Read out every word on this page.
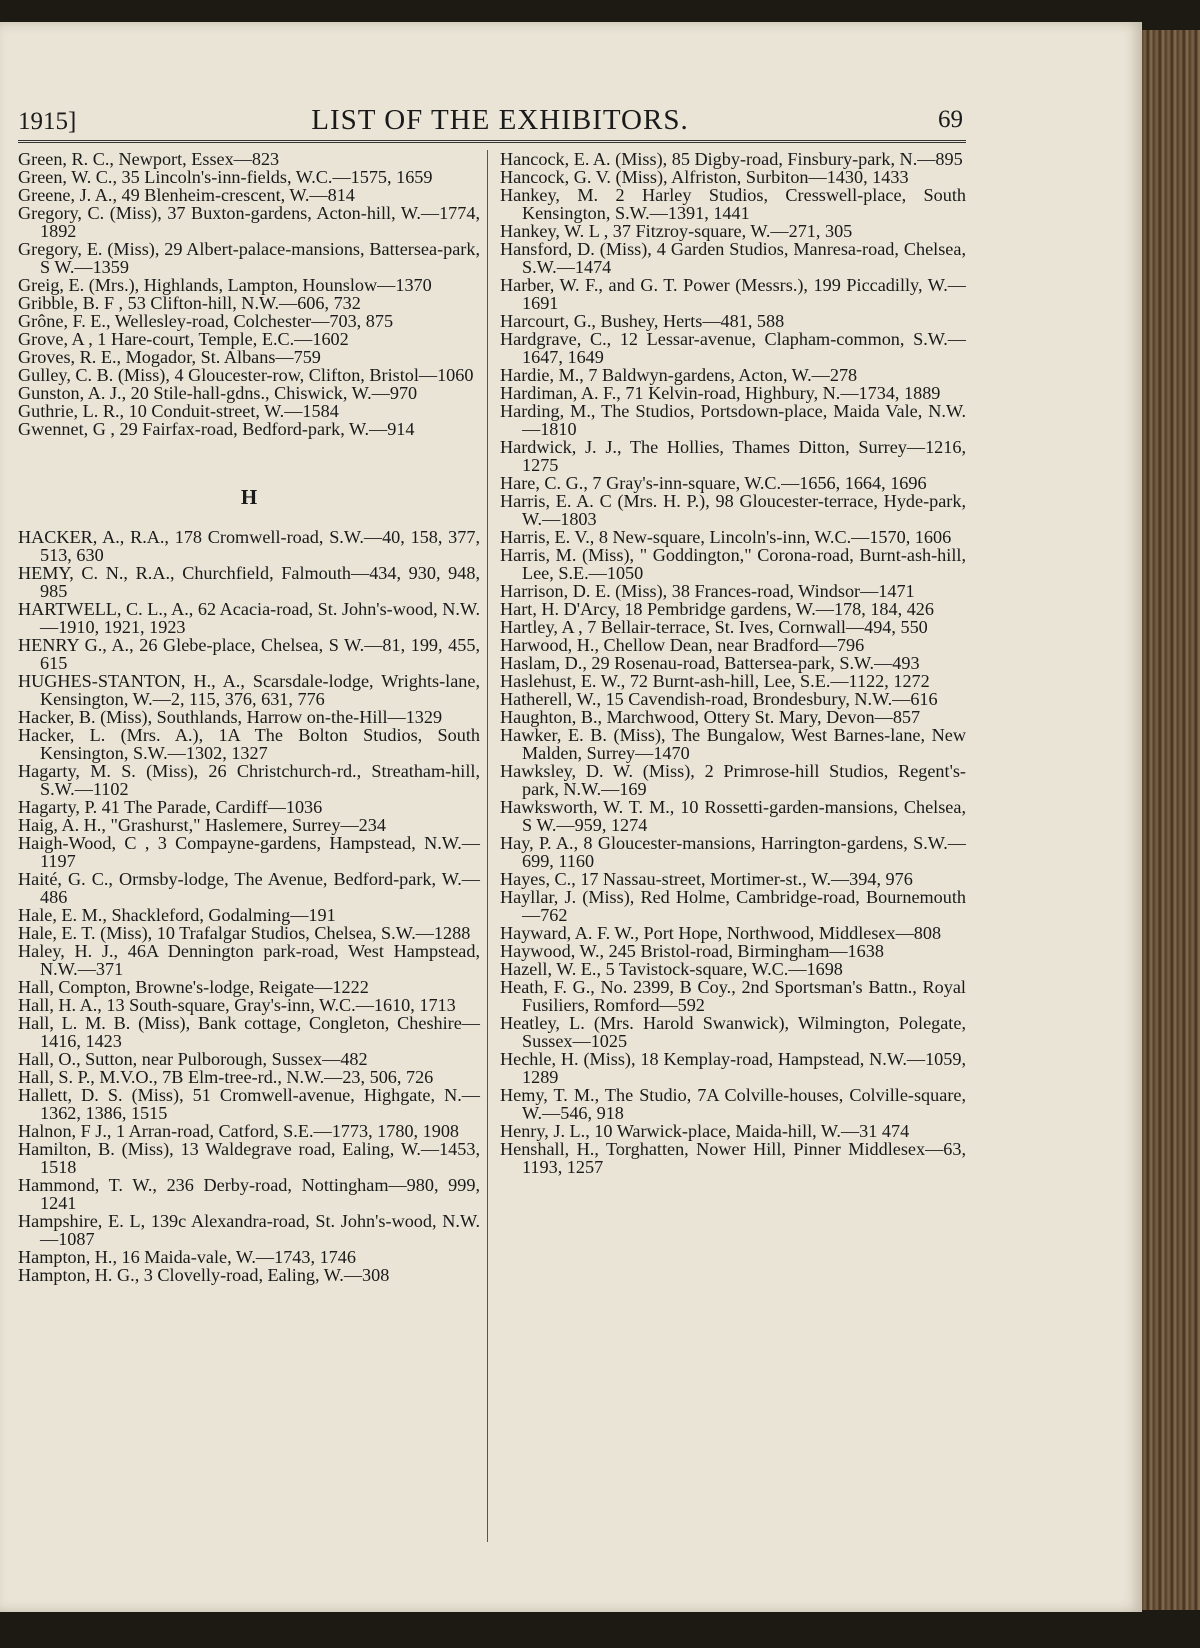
1915]	LIST OF THE EXHIBITORS.	69

Green, R. C., Newport, Essex—823

Green, W. C., 35 Lincoln's-inn-fields, W.C.—1575, 1659

Greene, J. A., 49 Blenheim-crescent, W.—814

Gregory, C. (Miss), 37 Buxton-gardens, Acton-hill, W.—1774, 1892

Gregory, E. (Miss), 29 Albert-palace-mansions, Battersea-park, S W.—1359

Greig, E. (Mrs.), Highlands, Lampton, Hounslow—1370

Gribble, B. F , 53 Clifton-hill, N.W.—606, 732

Grône, F. E., Wellesley-road, Colchester—703, 875

Grove, A , 1 Hare-court, Temple, E.C.—1602

Groves, R. E., Mogador, St. Albans—759

Gulley, C. B. (Miss), 4 Gloucester-row, Clifton, Bristol—1060

Gunston, A. J., 20 Stile-hall-gdns., Chiswick, W.—970

Guthrie, L. R., 10 Conduit-street, W.—1584

Gwennet, G , 29 Fairfax-road, Bedford-park, W.—914

H

HACKER, A., R.A., 178 Cromwell-road, S.W.—40, 158, 377, 513, 630

HEMY, C. N., R.A., Churchfield, Falmouth—434, 930, 948, 985

HARTWELL, C. L., A., 62 Acacia-road, St. John's-wood, N.W.—1910, 1921, 1923

HENRY G., A., 26 Glebe-place, Chelsea, S W.—81, 199, 455, 615

HUGHES-STANTON, H., A., Scarsdale-lodge, Wrights-lane, Kensington, W.—2, 115, 376, 631, 776

Hacker, B. (Miss), Southlands, Harrow on-the-Hill—1329

Hacker, L. (Mrs. A.), 1A The Bolton Studios, South Kensington, S.W.—1302, 1327

Hagarty, M. S. (Miss), 26 Christchurch-rd., Streatham-hill, S.W.—1102

Hagarty, P. 41 The Parade, Cardiff—1036

Haig, A. H., "Grashurst," Haslemere, Surrey—234

Haigh-Wood, C , 3 Compayne-gardens, Hampstead, N.W.—1197

Haité, G. C., Ormsby-lodge, The Avenue, Bedford-park, W.—486

Hale, E. M., Shackleford, Godalming—191

Hale, E. T. (Miss), 10 Trafalgar Studios, Chelsea, S.W.—1288

Haley, H. J., 46A Dennington park-road, West Hampstead, N.W.—371

Hall, Compton, Browne's-lodge, Reigate—1222

Hall, H. A., 13 South-square, Gray's-inn, W.C.—1610, 1713

Hall, L. M. B. (Miss), Bank cottage, Congleton, Cheshire—1416, 1423

Hall, O., Sutton, near Pulborough, Sussex—482

Hall, S. P., M.V.O., 7B Elm-tree-rd., N.W.—23, 506, 726

Hallett, D. S. (Miss), 51 Cromwell-avenue, Highgate, N.—1362, 1386, 1515

Halnon, F J., 1 Arran-road, Catford, S.E.—1773, 1780, 1908

Hamilton, B. (Miss), 13 Waldegrave road, Ealing, W.—1453, 1518

Hammond, T. W., 236 Derby-road, Nottingham—980, 999, 1241

Hampshire, E. L, 139c Alexandra-road, St. John's-wood, N.W.—1087

Hampton, H., 16 Maida-vale, W.—1743, 1746

Hampton, H. G., 3 Clovelly-road, Ealing, W.—308

Hancock, E. A. (Miss), 85 Digby-road, Finsbury-park, N.—895

Hancock, G. V. (Miss), Alfriston, Surbiton—1430, 1433

Hankey, M. 2 Harley Studios, Cresswell-place, South Kensington, S.W.—1391, 1441

Hankey, W. L , 37 Fitzroy-square, W.—271, 305

Hansford, D. (Miss), 4 Garden Studios, Manresa-road, Chelsea, S.W.—1474

Harber, W. F., and G. T. Power (Messrs.), 199 Piccadilly, W.—1691

Harcourt, G., Bushey, Herts—481, 588

Hardgrave, C., 12 Lessar-avenue, Clapham-common, S.W.—1647, 1649

Hardie, M., 7 Baldwyn-gardens, Acton, W.—278

Hardiman, A. F., 71 Kelvin-road, Highbury, N.—1734, 1889

Harding, M., The Studios, Portsdown-place, Maida Vale, N.W.—1810

Hardwick, J. J., The Hollies, Thames Ditton, Surrey—1216, 1275

Hare, C. G., 7 Gray's-inn-square, W.C.—1656, 1664, 1696

Harris, E. A. C (Mrs. H. P.), 98 Gloucester-terrace, Hyde-park, W.—1803

Harris, E. V., 8 New-square, Lincoln's-inn, W.C.—1570, 1606

Harris, M. (Miss), " Goddington," Corona-road, Burnt-ash-hill, Lee, S.E.—1050

Harrison, D. E. (Miss), 38 Frances-road, Windsor—1471

Hart, H. D'Arcy, 18 Pembridge gardens, W.—178, 184, 426

Hartley, A , 7 Bellair-terrace, St. Ives, Cornwall—494, 550

Harwood, H., Chellow Dean, near Bradford—796

Haslam, D., 29 Rosenau-road, Battersea-park, S.W.—493

Haslehust, E. W., 72 Burnt-ash-hill, Lee, S.E.—1122, 1272

Hatherell, W., 15 Cavendish-road, Brondesbury, N.W.—616

Haughton, B., Marchwood, Ottery St. Mary, Devon—857

Hawker, E. B. (Miss), The Bungalow, West Barnes-lane, New Malden, Surrey—1470

Hawksley, D. W. (Miss), 2 Primrose-hill Studios, Regent's-park, N.W.—169

Hawksworth, W. T. M., 10 Rossetti-garden-mansions, Chelsea, S W.—959, 1274

Hay, P. A., 8 Gloucester-mansions, Harrington-gardens, S.W.—699, 1160

Hayes, C., 17 Nassau-street, Mortimer-st., W.—394, 976

Hayllar, J. (Miss), Red Holme, Cambridge-road, Bournemouth—762

Hayward, A. F. W., Port Hope, Northwood, Middlesex—808

Haywood, W., 245 Bristol-road, Birmingham—1638

Hazell, W. E., 5 Tavistock-square, W.C.—1698

Heath, F. G., No. 2399, B Coy., 2nd Sportsman's Battn., Royal Fusiliers, Romford—592

Heatley, L. (Mrs. Harold Swanwick), Wilmington, Polegate, Sussex—1025

Hechle, H. (Miss), 18 Kemplay-road, Hampstead, N.W.—1059, 1289

Hemy, T. M., The Studio, 7A Colville-houses, Colville-square, W.—546, 918

Henry, J. L., 10 Warwick-place, Maida-hill, W.—31 474

Henshall, H., Torghatten, Nower Hill, Pinner Middlesex—63, 1193, 1257
